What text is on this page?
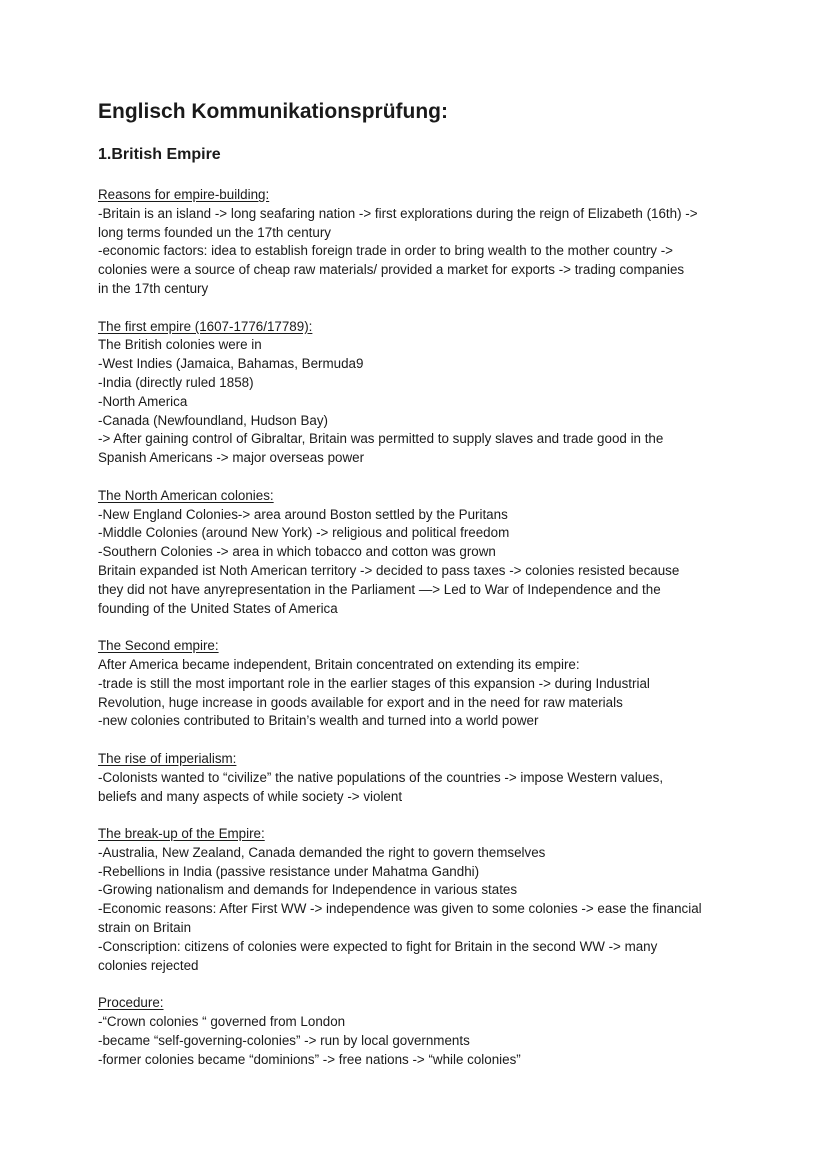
Englisch Kommunikationsprüfung:
1.British Empire

Reasons for empire-building:

-Britain is an island -> long seafaring nation -> first explorations during the reign of Elizabeth (16th) ->

long terms founded un the 17th century

-economic factors: idea to establish foreign trade in order to bring wealth to the mother country ->

colonies were a source of cheap raw materials/ provided a market for exports -> trading companies

in the 17th century

The first empire (1607-1776/17789):

The British colonies were in

-West Indies (Jamaica, Bahamas, Bermuda9

-India (directly ruled 1858)

-North America

-Canada (Newfoundland, Hudson Bay)

-> After gaining control of Gibraltar, Britain was permitted to supply slaves and trade good in the

Spanish Americans -> major overseas power

The North American colonies:

-New England Colonies-> area around Boston settled by the Puritans

-Middle Colonies (around New York) -> religious and political freedom

-Southern Colonies -> area in which tobacco and cotton was grown

Britain expanded ist Noth American territory -> decided to pass taxes -> colonies resisted because

they did not have anyrepresentation in the Parliament —> Led to War of Independence and the

founding of the United States of America

The Second empire:

After America became independent, Britain concentrated on extending its empire:

-trade is still the most important role in the earlier stages of this expansion -> during Industrial

Revolution, huge increase in goods available for export and in the need for raw materials

-new colonies contributed to Britain’s wealth and turned into a world power

The rise of imperialism:

-Colonists wanted to “civilize” the native populations of the countries -> impose Western values,

beliefs and many aspects of while society -> violent

The break-up of the Empire:

-Australia, New Zealand, Canada demanded the right to govern themselves

-Rebellions in India (passive resistance under Mahatma Gandhi)

-Growing nationalism and demands for Independence in various states

-Economic reasons: After First WW -> independence was given to some colonies -> ease the financial

strain on Britain

-Conscription: citizens of colonies were expected to fight for Britain in the second WW -> many

colonies rejected

Procedure:

-“Crown colonies “ governed from London

-became “self-governing-colonies” -> run by local governments

-former colonies became “dominions” -> free nations -> “while colonies”
